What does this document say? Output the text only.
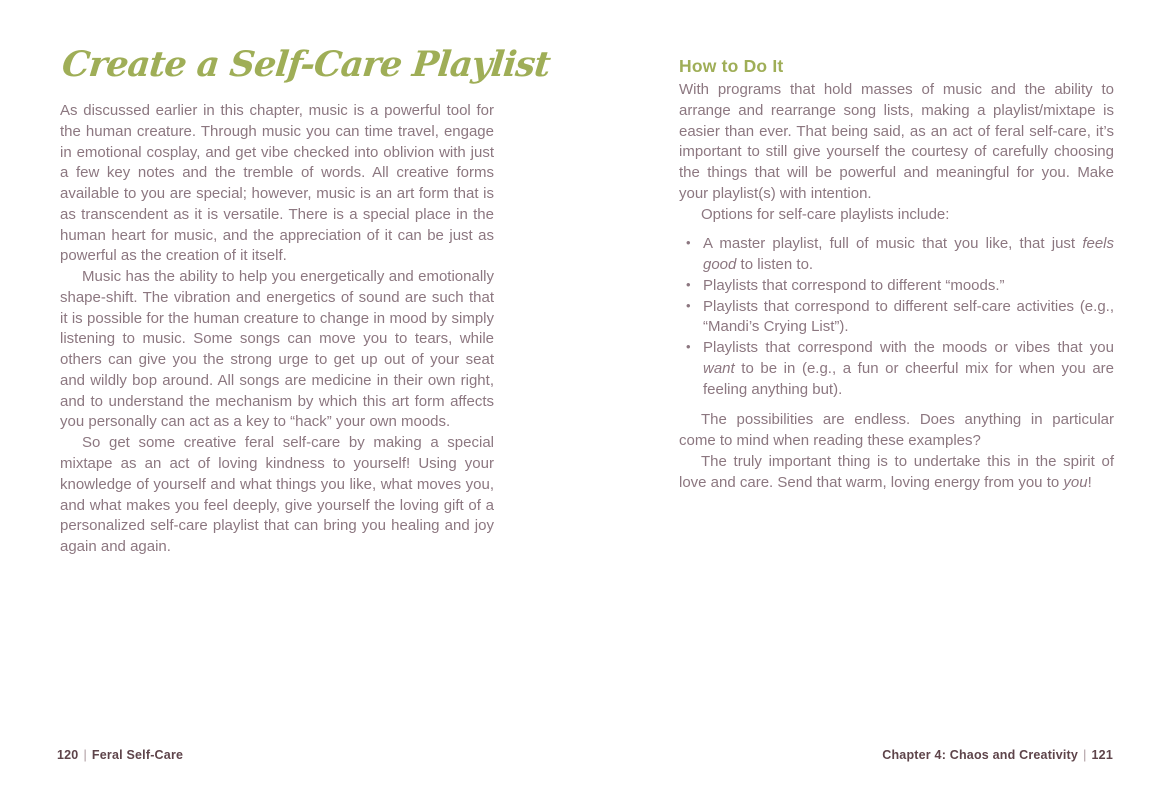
Create a Self-Care Playlist

As discussed earlier in this chapter, music is a powerful tool for the human creature. Through music you can time travel, engage in emotional cosplay, and get vibe checked into oblivion with just a few key notes and the tremble of words. All creative forms available to you are special; however, music is an art form that is as transcendent as it is versatile. There is a special place in the human heart for music, and the appreciation of it can be just as powerful as the creation of it itself.

Music has the ability to help you energetically and emotionally shape-shift. The vibration and energetics of sound are such that it is possible for the human creature to change in mood by simply listening to music. Some songs can move you to tears, while others can give you the strong urge to get up out of your seat and wildly bop around. All songs are medicine in their own right, and to understand the mechanism by which this art form affects you personally can act as a key to “hack” your own moods.

So get some creative feral self-care by making a special mixtape as an act of loving kindness to yourself! Using your knowledge of yourself and what things you like, what moves you, and what makes you feel deeply, give yourself the loving gift of a personalized self-care playlist that can bring you healing and joy again and again.

How to Do It

With programs that hold masses of music and the ability to arrange and rearrange song lists, making a playlist/mixtape is easier than ever. That being said, as an act of feral self-care, it’s important to still give yourself the courtesy of carefully choosing the things that will be powerful and meaningful for you. Make your playlist(s) with intention.

Options for self-care playlists include:

• A master playlist, full of music that you like, that just feels good to listen to.
• Playlists that correspond to different “moods.”
• Playlists that correspond to different self-care activities (e.g., “Mandi’s Crying List”).
• Playlists that correspond with the moods or vibes that you want to be in (e.g., a fun or cheerful mix for when you are feeling anything but).

The possibilities are endless. Does anything in particular come to mind when reading these examples?

The truly important thing is to undertake this in the spirit of love and care. Send that warm, loving energy from you to you!

120 | Feral Self-Care	Chapter 4: Chaos and Creativity | 121
